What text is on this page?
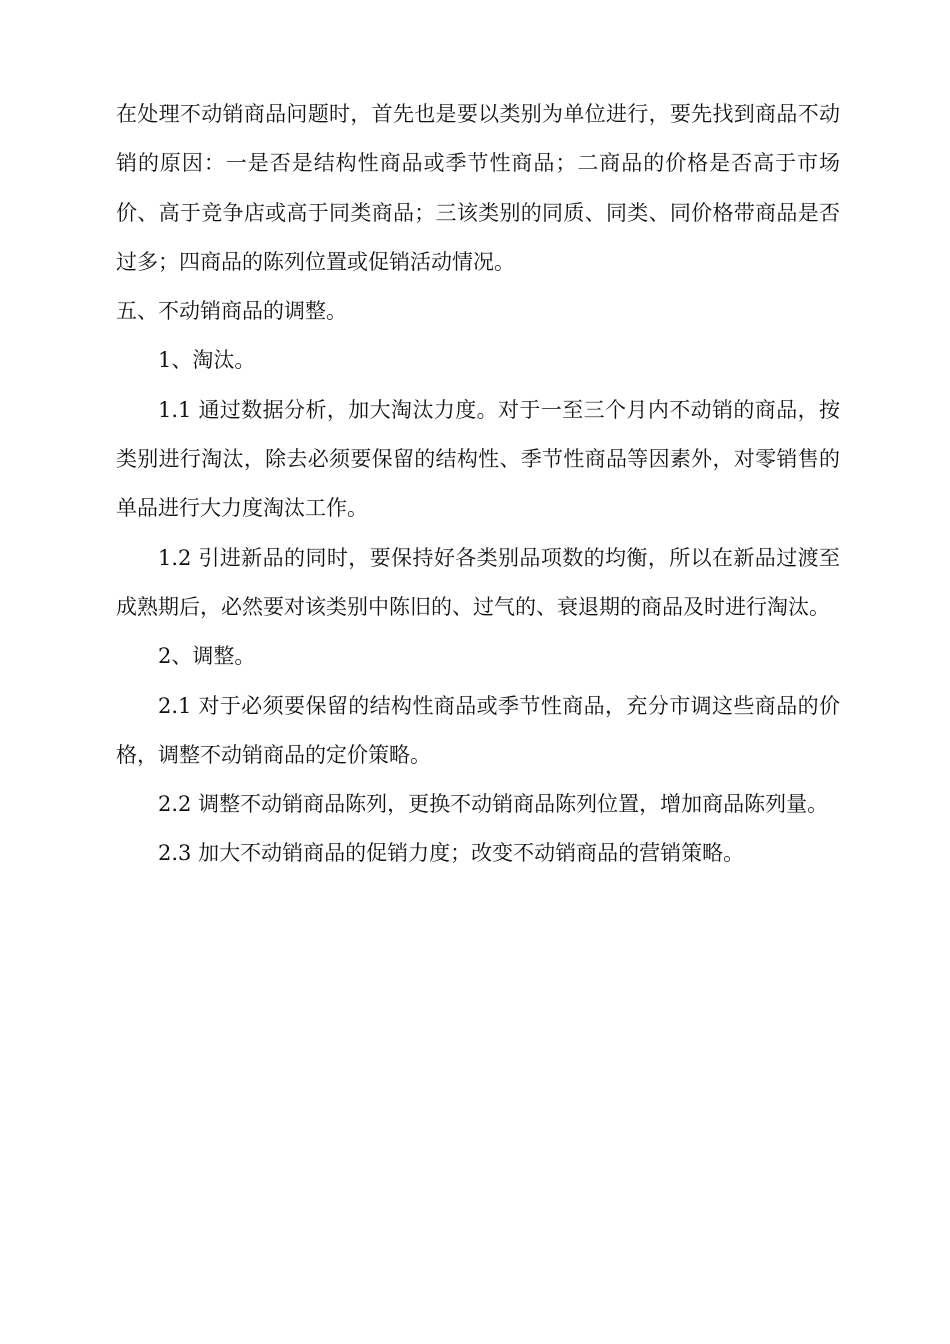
在处理不动销商品问题时，首先也是要以类别为单位进行，要先找到商品不动销的原因：一是否是结构性商品或季节性商品；二商品的价格是否高于市场价、高于竞争店或高于同类商品；三该类别的同质、同类、同价格带商品是否过多；四商品的陈列位置或促销活动情况。

五、不动销商品的调整。

1、淘汰。

1.1 通过数据分析，加大淘汰力度。对于一至三个月内不动销的商品，按类别进行淘汰，除去必须要保留的结构性、季节性商品等因素外，对零销售的单品进行大力度淘汰工作。

1.2 引进新品的同时，要保持好各类别品项数的均衡，所以在新品过渡至成熟期后，必然要对该类别中陈旧的、过气的、衰退期的商品及时进行淘汰。

2、调整。

2.1 对于必须要保留的结构性商品或季节性商品，充分市调这些商品的价格，调整不动销商品的定价策略。

2.2 调整不动销商品陈列，更换不动销商品陈列位置，增加商品陈列量。

2.3 加大不动销商品的促销力度；改变不动销商品的营销策略。
